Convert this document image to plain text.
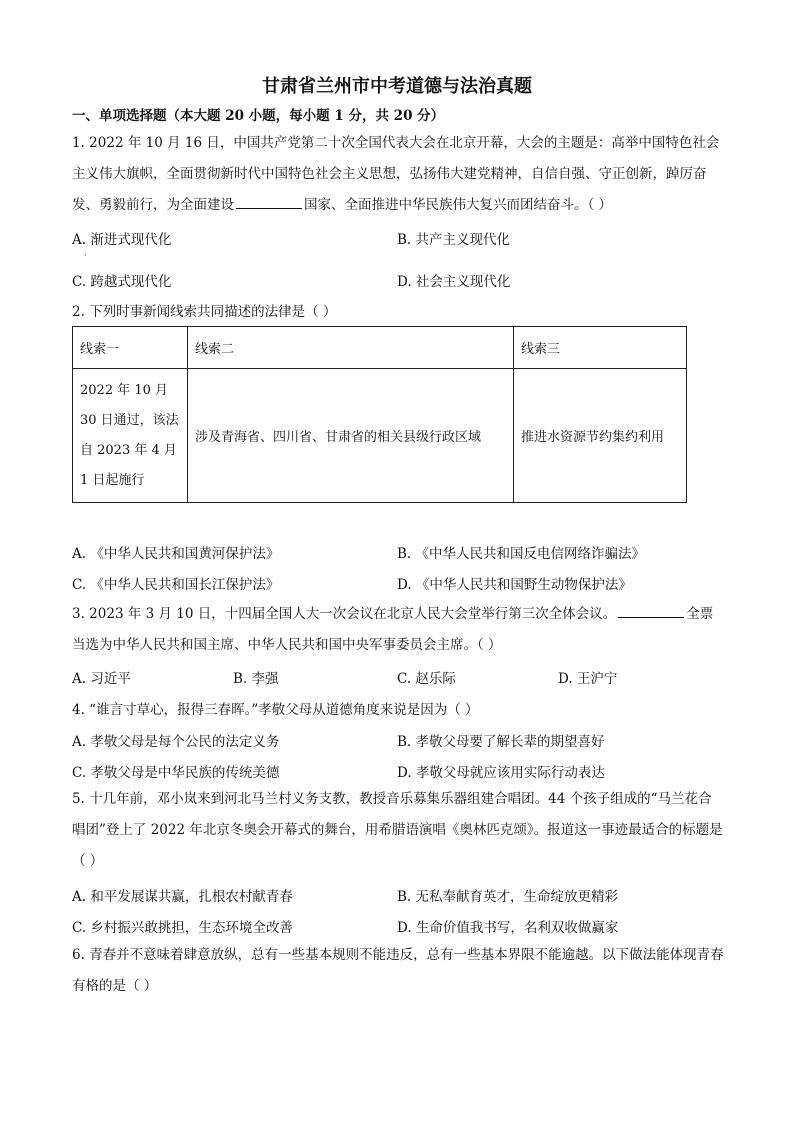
甘肃省兰州市中考道德与法治真题
一、单项选择题（本大题 20 小题，每小题 1 分，共 20 分）
1. 2022 年 10 月 16 日，中国共产党第二十次全国代表大会在北京开幕，大会的主题是：高举中国特色社会主义伟大旗帜，全面贯彻新时代中国特色社会主义思想，弘扬伟大建党精神，自信自强、守正创新，踔厉奋发、勇毅前行，为全面建设	国家、全面推进中华民族伟大复兴而团结奋斗。（ ）
A. 渐进式现代化	B. 共产主义现代化
·
C. 跨越式现代化	D. 社会主义现代化
2. 下列时事新闻线索共同描述的法律是（ ）
线索一	线索二	线索三
2022 年 10 月 30 日通过，该法自 2023 年 4 月 1 日起施行	涉及青海省、四川省、甘肃省的相关县级行政区域	推进水资源节约集约利用
A. 《中华人民共和国黄河保护法》	B. 《中华人民共和国反电信网络诈骗法》
C. 《中华人民共和国长江保护法》	D. 《中华人民共和国野生动物保护法》
3. 2023 年 3 月 10 日，十四届全国人大一次会议在北京人民大会堂举行第三次全体会议。	全票当选为中华人民共和国主席、中华人民共和国中央军事委员会主席。（ ）
A. 习近平	B. 李强	C. 赵乐际	D. 王沪宁
4. “谁言寸草心，报得三春晖。”孝敬父母从道德角度来说是因为（ ）
A. 孝敬父母是每个公民的法定义务	B. 孝敬父母要了解长辈的期望喜好
C. 孝敬父母是中华民族的传统美德	D. 孝敬父母就应该用实际行动表达
5. 十几年前，邓小岚来到河北马兰村义务支教，教授音乐募集乐器组建合唱团。44 个孩子组成的“马兰花合唱团”登上了 2022 年北京冬奥会开幕式的舞台，用希腊语演唱《奥林匹克颂》。报道这一事迹最适合的标题是（ ）
A. 和平发展谋共赢，扎根农村献青春	B. 无私奉献育英才，生命绽放更精彩
C. 乡村振兴敢挑担，生态环境全改善	D. 生命价值我书写，名利双收做赢家
6. 青春并不意味着肆意放纵，总有一些基本规则不能违反，总有一些基本界限不能逾越。以下做法能体现青春有格的是（ ）
